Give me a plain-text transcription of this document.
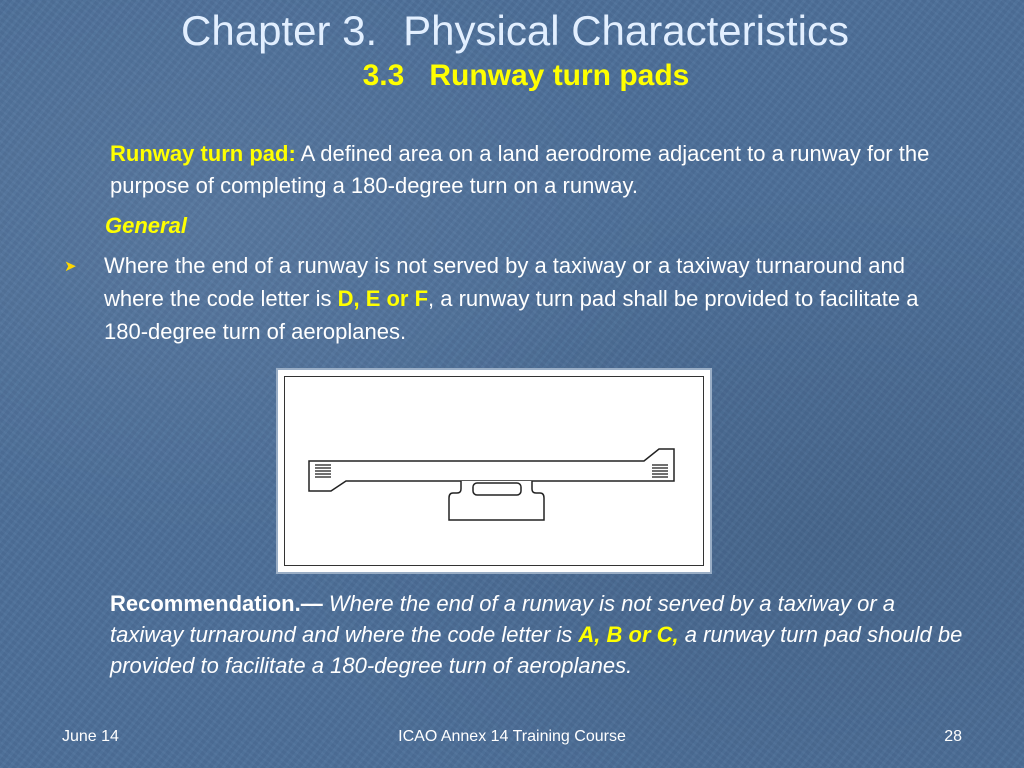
Chapter 3. Physical Characteristics
3.3   Runway turn pads
Runway turn pad: A defined area on a land aerodrome adjacent to a runway for the purpose of completing a 180-degree turn on a runway.
General
➤ Where the end of a runway is not served by a taxiway or a taxiway turnaround and where the code letter is D, E or F, a runway turn pad shall be provided to facilitate a 180-degree turn of aeroplanes.
Recommendation.— Where the end of a runway is not served by a taxiway or a taxiway turnaround and where the code letter is A, B or C, a runway turn pad should be provided to facilitate a 180-degree turn of aeroplanes.
June 14	ICAO Annex 14 Training Course	28
